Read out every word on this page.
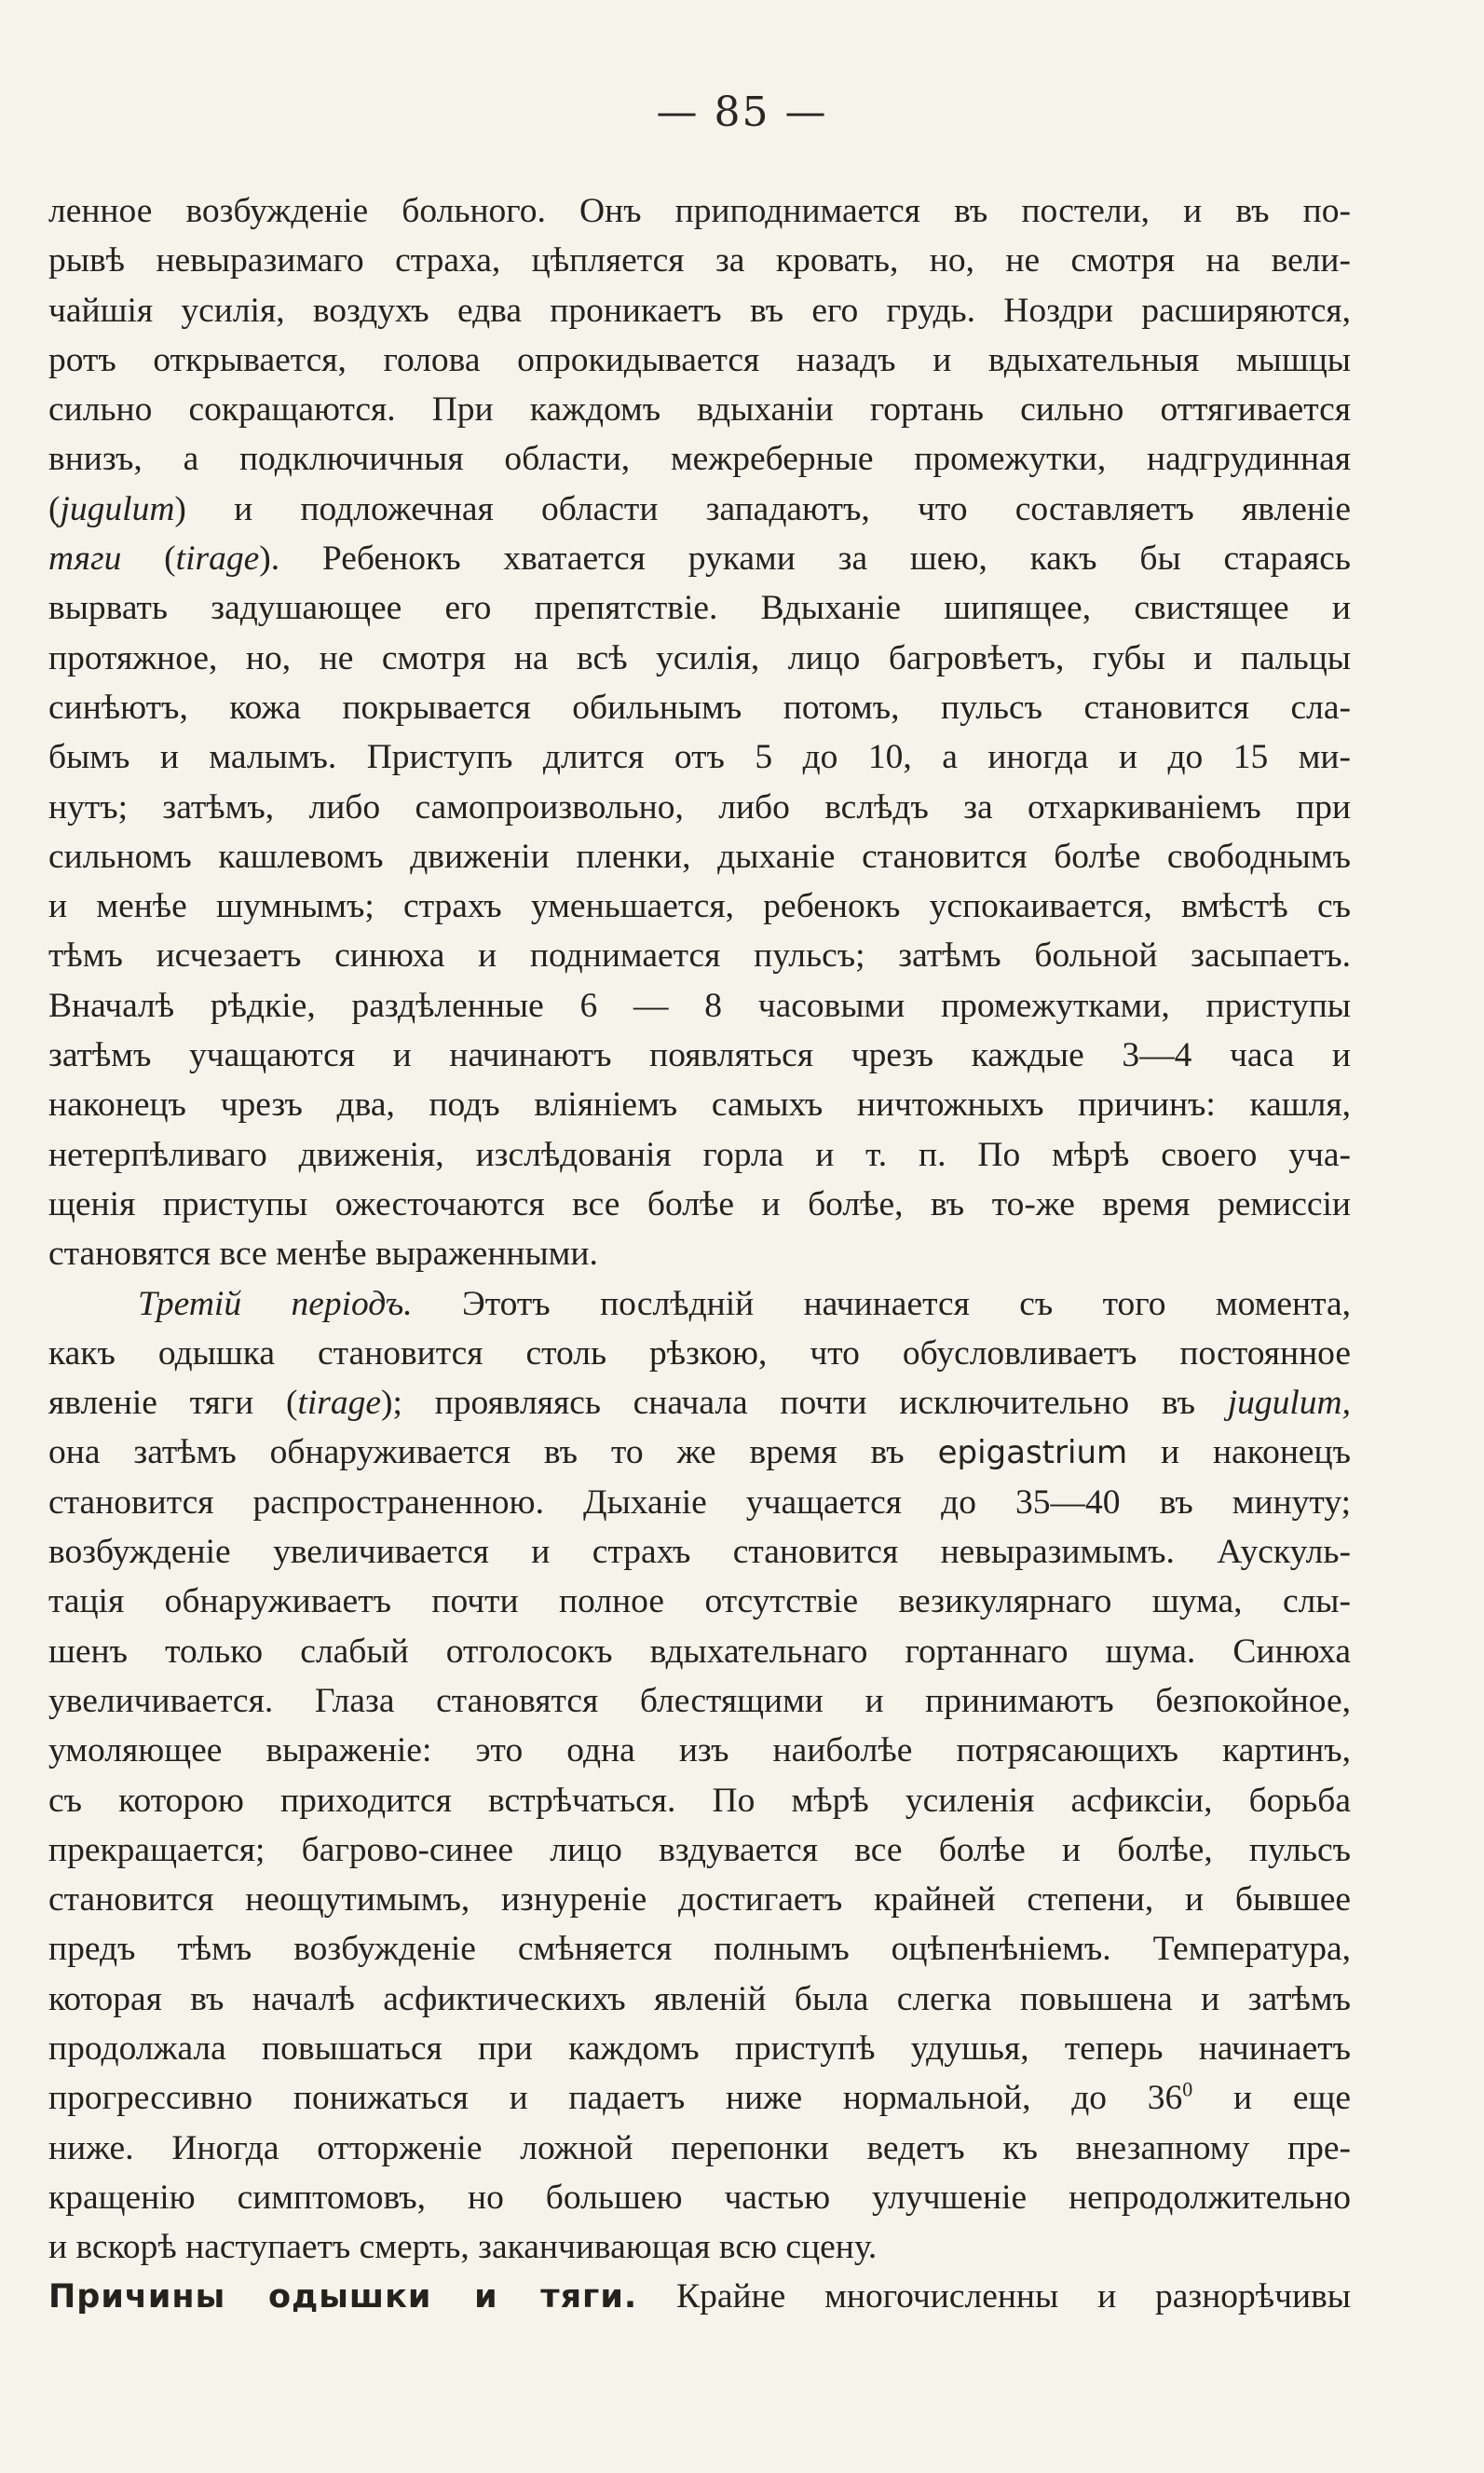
— 85 —
ленное возбужденiе больного. Онъ приподнимается въ постели, и въ по-
рывѣ невыразимаго страха, цѣпляется за кровать, но, не смотря на вели-
чайшiя усилiя, воздухъ едва проникаетъ въ его грудь. Ноздри расширяются,
ротъ открывается, голова опрокидывается назадъ и вдыхательныя мышцы
сильно сокращаются. При каждомъ вдыханiи гортань сильно оттягивается
внизъ, а подключичныя области, межреберные промежутки, надгрудинная
(jugulum) и подложечная области западаютъ, что составляетъ явленiе
тяги (tirage). Ребенокъ хватается руками за шею, какъ бы стараясь
вырвать задушающее его препятствiе. Вдыханiе шипящее, свистящее и
протяжное, но, не смотря на всѣ усилiя, лицо багровѣетъ, губы и пальцы
синѣютъ, кожа покрывается обильнымъ потомъ, пульсъ становится сла-
бымъ и малымъ. Приступъ длится отъ 5 до 10, а иногда и до 15 ми-
нутъ; затѣмъ, либо самопроизвольно, либо вслѣдъ за отхаркиванiемъ при
сильномъ кашлевомъ движенiи пленки, дыханiе становится болѣе свободнымъ
и менѣе шумнымъ; страхъ уменьшается, ребенокъ успокаивается, вмѣстѣ съ
тѣмъ исчезаетъ синюха и поднимается пульсъ; затѣмъ больной засыпаетъ.
Вначалѣ рѣдкiе, раздѣленные 6 — 8 часовыми промежутками, приступы
затѣмъ учащаются и начинаютъ появляться чрезъ каждые 3—4 часа и
наконецъ чрезъ два, подъ влiянiемъ самыхъ ничтожныхъ причинъ: кашля,
нетерпѣливаго движенiя, изслѣдованiя горла и т. п. По мѣрѣ своего уча-
щенiя приступы ожесточаются все болѣе и болѣе, въ то-же время ремиссiи
становятся все менѣе выраженными.
Третiй перiодъ. Этотъ послѣднiй начинается съ того момента,
какъ одышка становится столь рѣзкою, что обусловливаетъ постоянное
явленiе тяги (tirage); проявляясь сначала почти исключительно въ jugulum,
она затѣмъ обнаруживается въ то же время въ epigastrium и наконецъ
становится распространенною. Дыханiе учащается до 35—40 въ минуту;
возбужденiе увеличивается и страхъ становится невыразимымъ. Аускуль-
тацiя обнаруживаетъ почти полное отсутствiе везикулярнаго шума, слы-
шенъ только слабый отголосокъ вдыхательнаго гортаннаго шума. Синюха
увеличивается. Глаза становятся блестящими и принимаютъ безпокойное,
умоляющее выраженiе: это одна изъ наиболѣе потрясающихъ картинъ,
съ которою приходится встрѣчаться. По мѣрѣ усиленiя асфиксiи, борьба
прекращается; багрово-синее лицо вздувается все болѣе и болѣе, пульсъ
становится неощутимымъ, изнуренiе достигаетъ крайней степени, и бывшее
предъ тѣмъ возбужденiе смѣняется полнымъ оцѣпенѣнiемъ. Температура,
которая въ началѣ асфиктическихъ явленiй была слегка повышена и затѣмъ
продолжала повышаться при каждомъ приступѣ удушья, теперь начинаетъ
прогрессивно понижаться и падаетъ ниже нормальной, до $36^0$ и еще
ниже. Иногда отторженiе ложной перепонки ведетъ къ внезапному пре-
кращенiю симптомовъ, но большею частью улучшенiе непродолжительно
и вскорѣ наступаетъ смерть, заканчивающая всю сцену.
Причины одышки и тяги. Крайне многочисленны и разнорѣчивы
